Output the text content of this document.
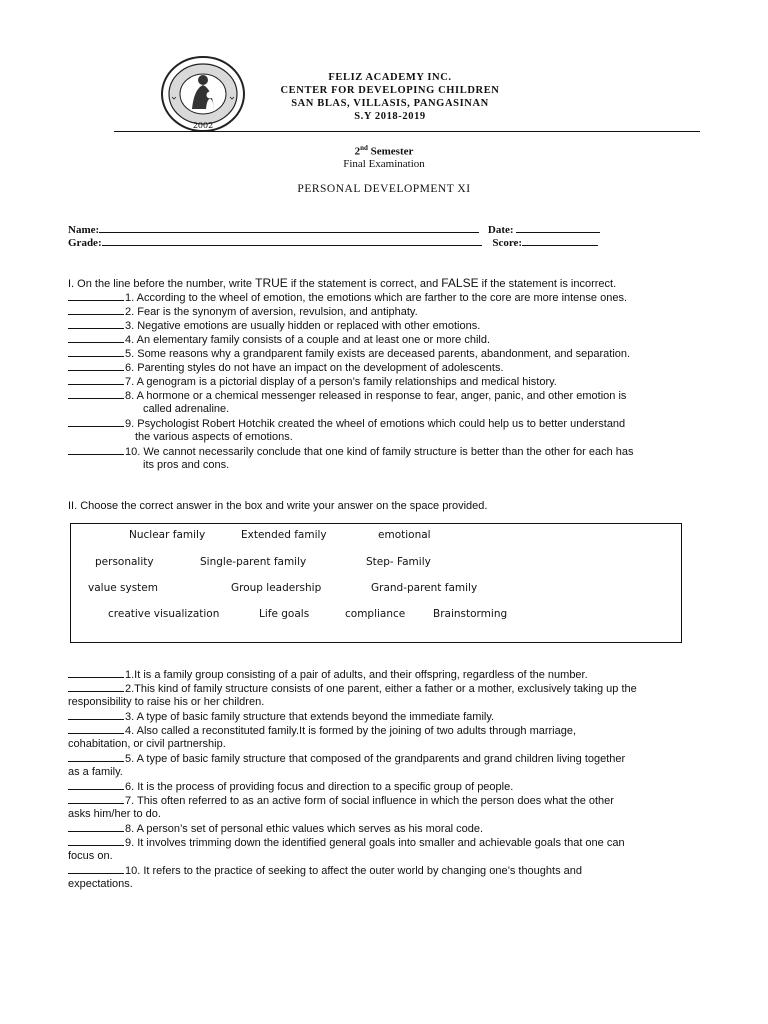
2002
FELIZ ACADEMY INC.
CENTER FOR DEVELOPING CHILDREN
SAN BLAS, VILLASIS, PANGASINAN
S.Y 2018-2019
2nd Semester
Final Examination
PERSONAL DEVELOPMENT XI
Name:	Date:
Grade:	Score:
I. On the line before the number, write TRUE if the statement is correct, and FALSE if the statement is incorrect.
1. According to the wheel of emotion, the emotions which are farther to the core are more intense ones.
2. Fear is the synonym of aversion, revulsion, and antiphaty.
3. Negative emotions are usually hidden or replaced with other emotions.
4. An elementary family consists of a couple and at least one or more child.
5. Some reasons why a grandparent family exists are deceased parents, abandonment, and separation.
6. Parenting styles do not have an impact on the development of adolescents.
7. A genogram is a pictorial display of a person’s family relationships and medical history.
8. A hormone or a chemical messenger released in response to fear, anger, panic, and other emotion is
called adrenaline.
9. Psychologist Robert Hotchik created the wheel of emotions which could help us to better understand
the various aspects of emotions.
10. We cannot necessarily conclude that one kind of family structure is better than the other for each has
its pros and cons.
II. Choose the correct answer in the box and write your answer on the space provided.
Nuclear family	Extended family	emotional
personality	Single-parent family	Step- Family
value system	Group leadership	Grand-parent family
creative visualization	Life goals	compliance	Brainstorming
1.It is a family group consisting of a pair of adults, and their offspring, regardless of the number.
2.This kind of family structure consists of one parent, either a father or a mother, exclusively taking up the
responsibility to raise his or her children.
3. A type of basic family structure that extends beyond the immediate family.
4. Also called a reconstituted family.It is formed by the joining of two adults through marriage,
cohabitation, or civil partnership.
5. A type of basic family structure that composed of the grandparents and grand children living together
as a family.
6. It is the process of providing focus and direction to a specific group of people.
7. This often referred to as an active form of social influence in which the person does what the other
asks him/her to do.
8. A person’s set of personal ethic values which serves as his moral code.
9. It involves trimming down the identified general goals into smaller and achievable goals that one can
focus on.
10. It refers to the practice of seeking to affect the outer world by changing one’s thoughts and
expectations.
